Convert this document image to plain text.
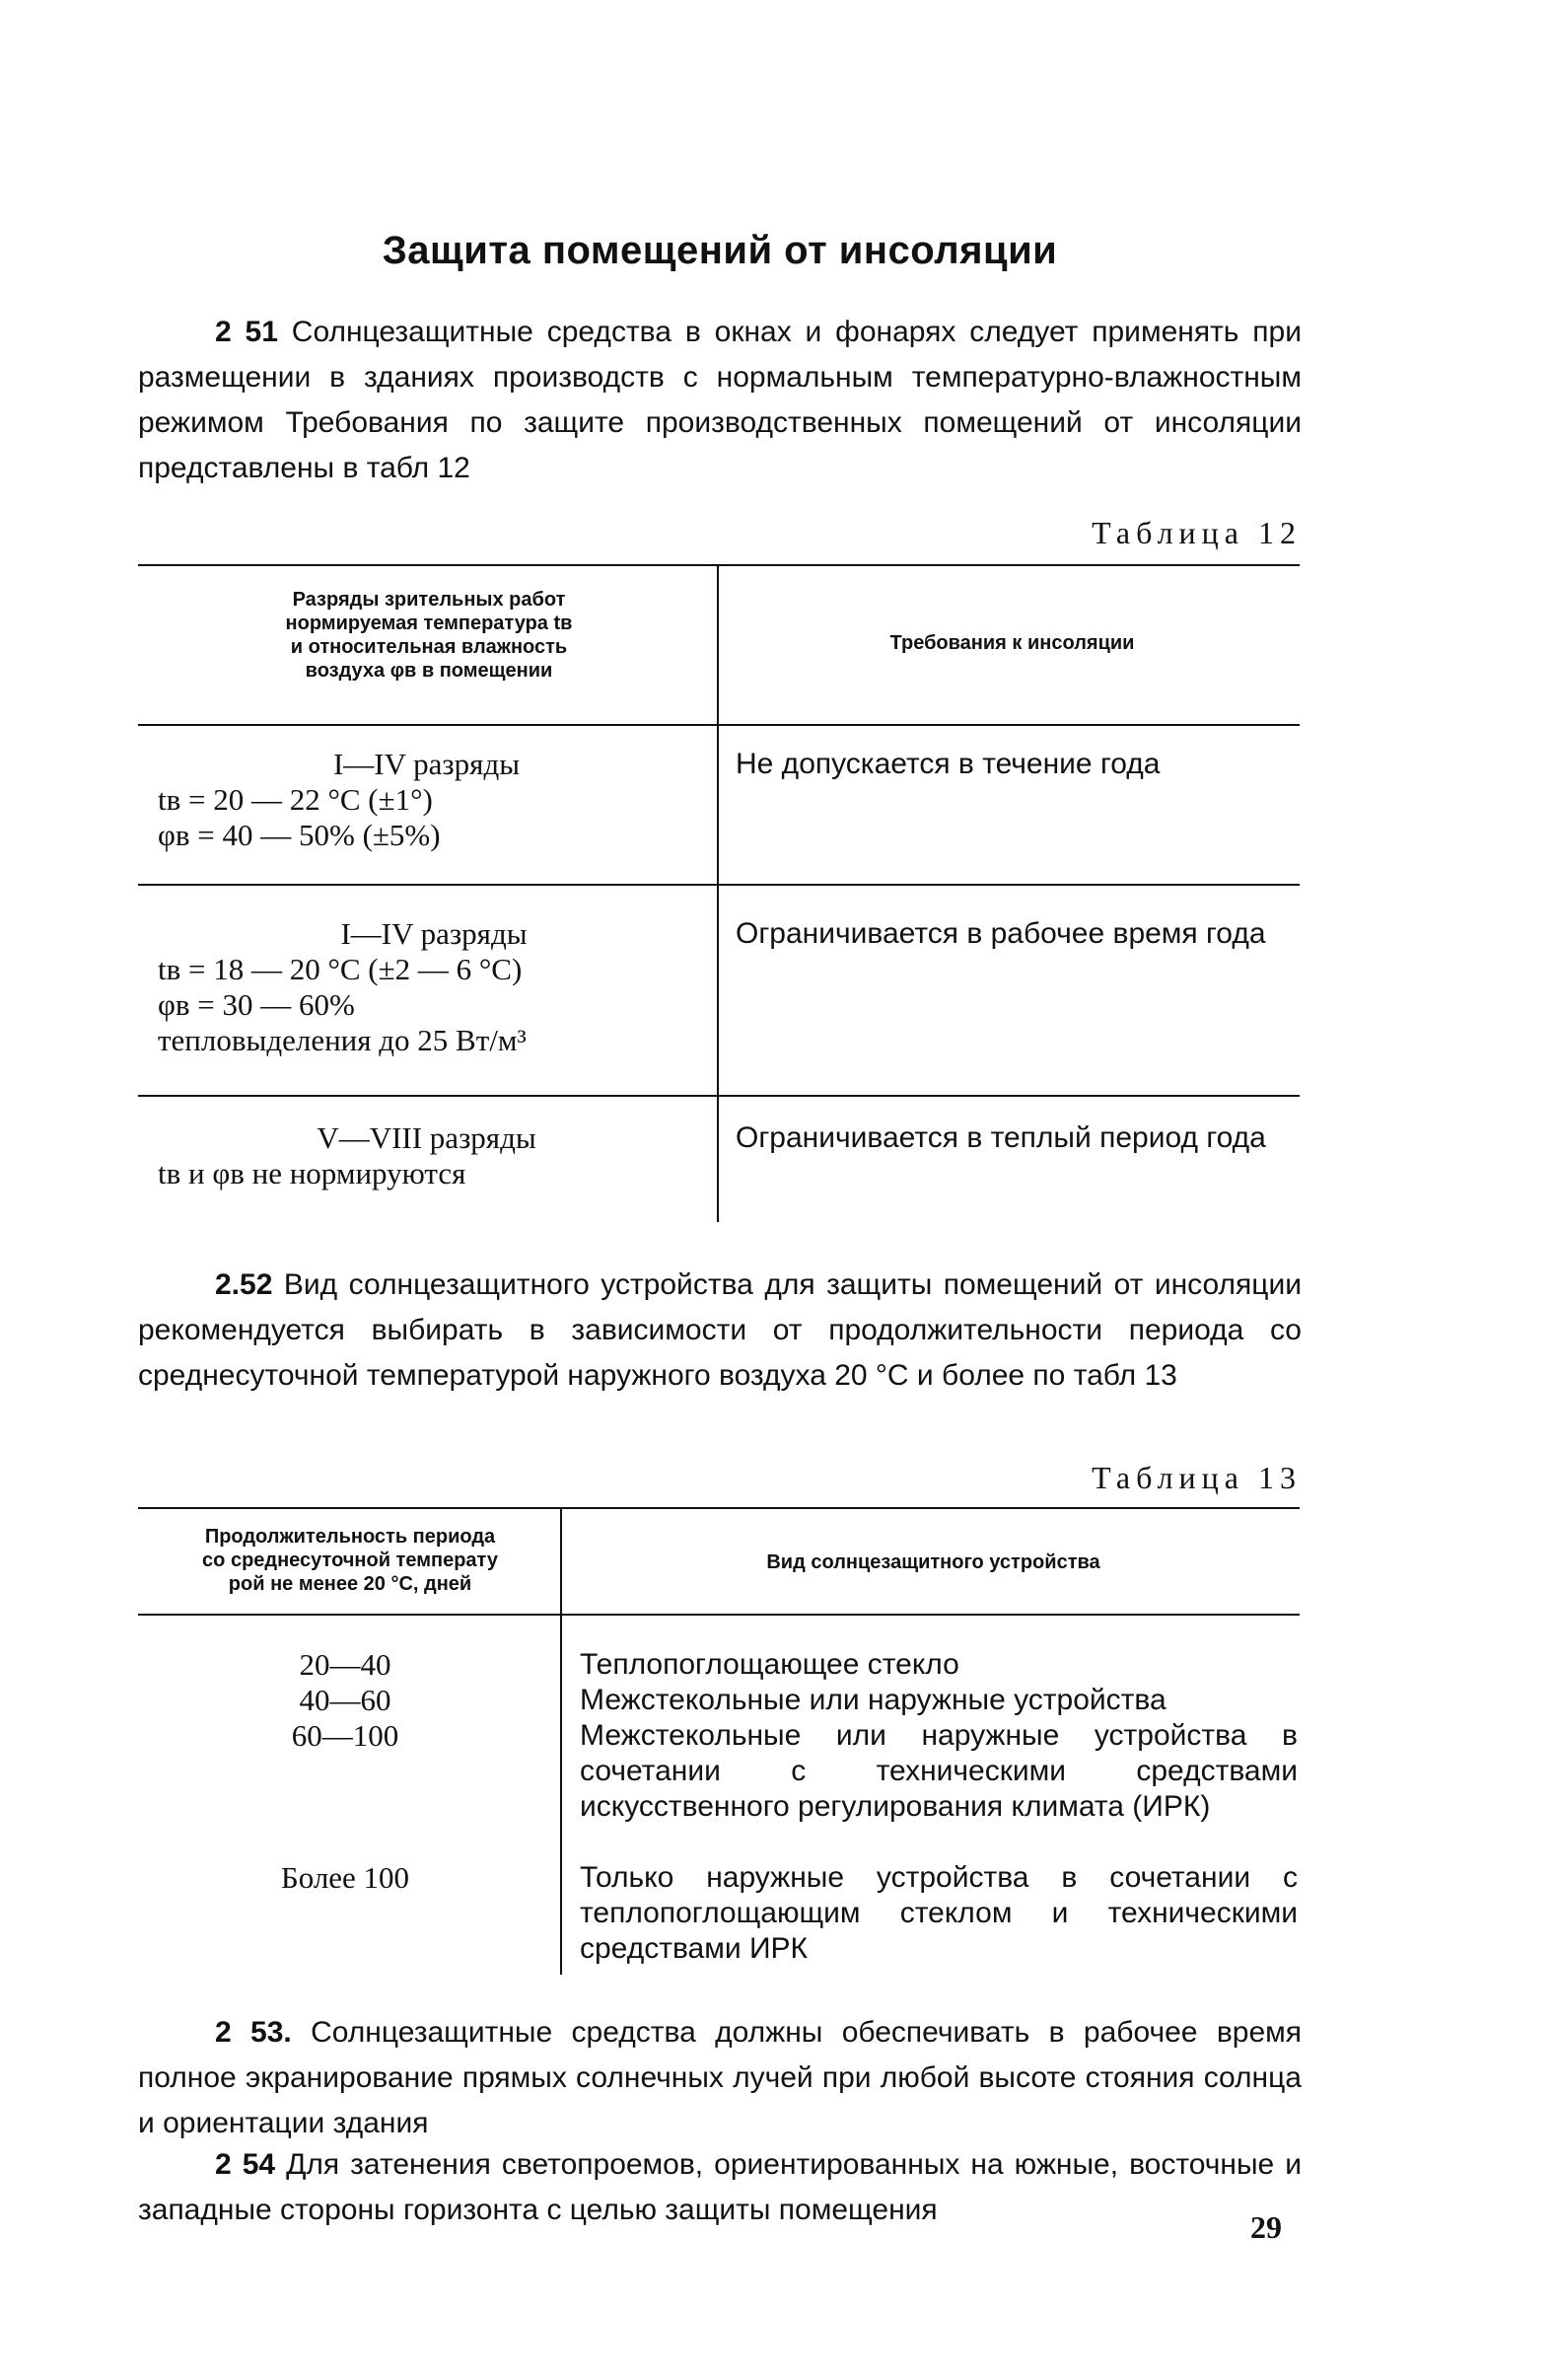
Защита помещений от инсоляции

2 51 Солнцезащитные средства в окнах и фонарях следует применять при размещении в зданиях производств с нормальным температурно-влажностным режимом Требования по защите производственных помещений от инсоляции представлены в табл 12

Таблица 12
Разряды зрительных работ
нормируемая температура tв
и относительная влажность
воздуха φв в помещении
Требования к инсоляции
I—IV разряды
tв = 20 — 22 °С (±1°)
φв = 40 — 50% (±5%)
Не допускается в течение года
I—IV разряды
tв = 18 — 20 °С (±2 — 6 °С)
φв = 30 — 60%
тепловыделения до 25 Вт/м³
Ограничивается в рабочее время года
V—VIII разряды
tв и φв не нормируются
Ограничивается в теплый период года

2.52 Вид солнцезащитного устройства для защиты помещений от инсоляции рекомендуется выбирать в зависимости от продолжительности периода со среднесуточной температурой наружного воздуха 20 °С и более по табл 13

Таблица 13
Продолжительность периода
со среднесуточной температу
рой не менее 20 °С, дней
Вид солнцезащитного устройства
20—40
40—60
60—100
Более 100
Теплопоглощающее стекло
Межстекольные или наружные устройства
Межстекольные или наружные устройства в сочетании с техническими средствами искусственного регулирования климата (ИРК)
Только наружные устройства в сочетании с теплопоглощающим стеклом и техническими средствами ИРК

2 53. Солнцезащитные средства должны обеспечивать в рабочее время полное экранирование прямых солнечных лучей при любой высоте стояния солнца и ориентации здания

2 54 Для затенения светопроемов, ориентированных на южные, восточные и западные стороны горизонта с целью защиты помещения	29
